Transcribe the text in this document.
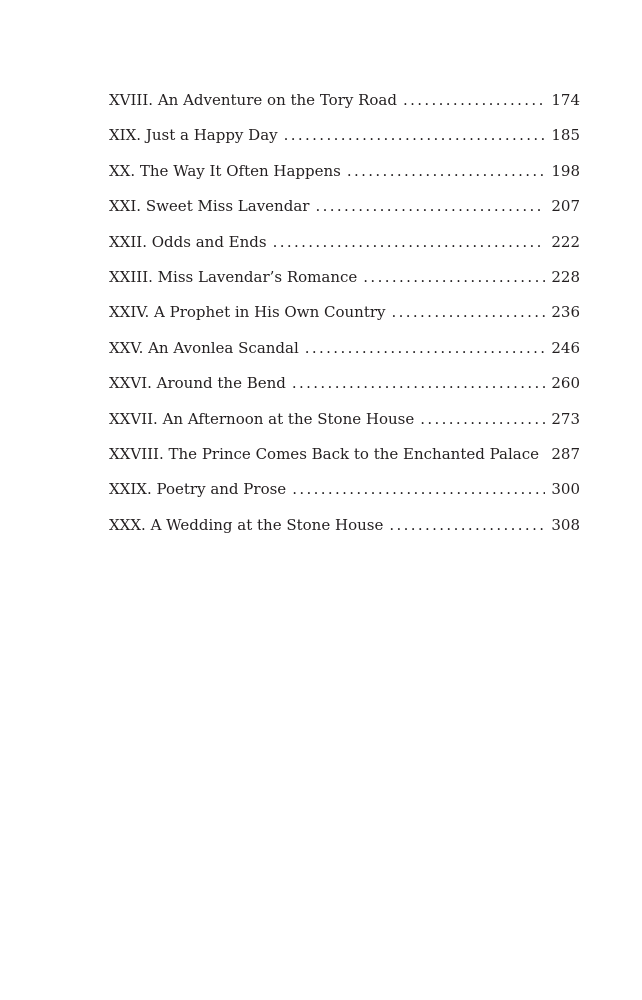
XVIII. An Adventure on the Tory Road . . .	174
XIX. Just a Happy Day . . .	185
XX. The Way It Often Happens . . .	198
XXI. Sweet Miss Lavendar . . .	207
XXII. Odds and Ends . . .	222
XXIII. Miss Lavendar’s Romance . . .	228
XXIV. A Prophet in His Own Country . . .	236
XXV. An Avonlea Scandal . . .	246
XXVI. Around the Bend . . .	260
XXVII. An Afternoon at the Stone House . . .	273
XXVIII. The Prince Comes Back to the Enchanted Palace . . . 287
XXIX. Poetry and Prose . . .	300
XXX. A Wedding at the Stone House . . .	308
